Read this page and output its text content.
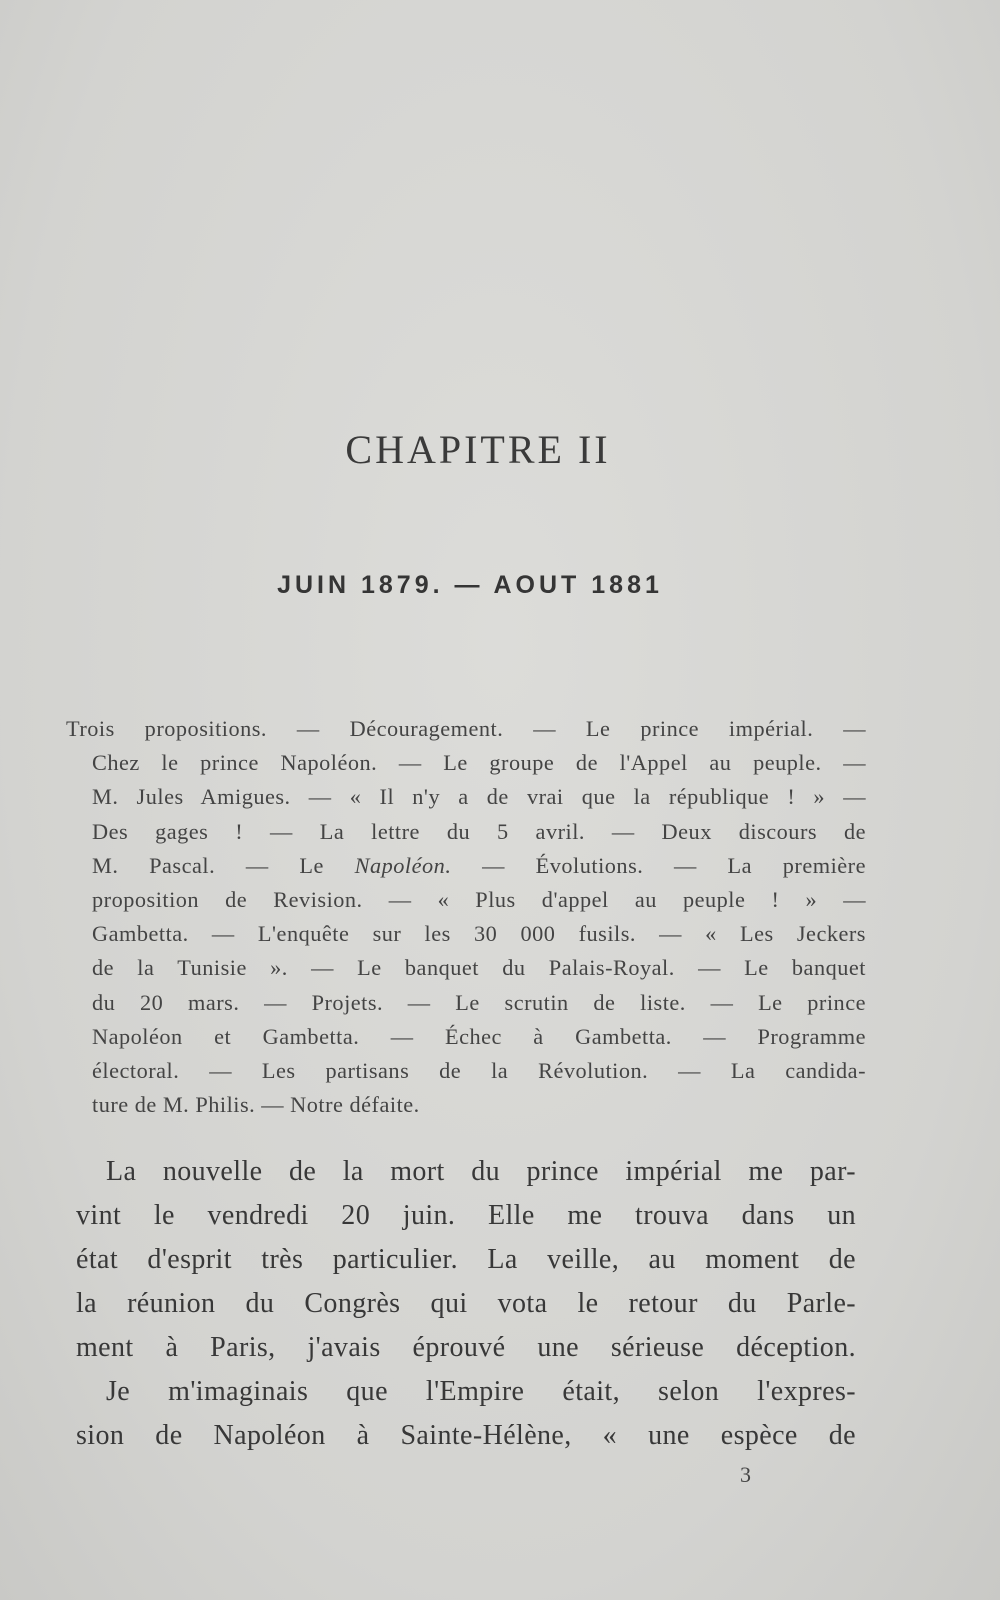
CHAPITRE II
JUIN 1879. — AOUT 1881
Trois propositions. — Découragement. — Le prince impérial. —
Chez le prince Napoléon. — Le groupe de l'Appel au peuple. —
M. Jules Amigues. — « Il n'y a de vrai que la république ! » —
Des gages ! — La lettre du 5 avril. — Deux discours de
M. Pascal. — Le Napoléon. — Évolutions. — La première
proposition de Revision. — « Plus d'appel au peuple ! » —
Gambetta. — L'enquête sur les 30 000 fusils. — « Les Jeckers
de la Tunisie ». — Le banquet du Palais-Royal. — Le banquet
du 20 mars. — Projets. — Le scrutin de liste. — Le prince
Napoléon et Gambetta. — Échec à Gambetta. — Programme
électoral. — Les partisans de la Révolution. — La candida-
ture de M. Philis. — Notre défaite.
La nouvelle de la mort du prince impérial me par-
vint le vendredi 20 juin. Elle me trouva dans un
état d'esprit très particulier. La veille, au moment de
la réunion du Congrès qui vota le retour du Parle-
ment à Paris, j'avais éprouvé une sérieuse déception.
Je m'imaginais que l'Empire était, selon l'expres-
sion de Napoléon à Sainte-Hélène, « une espèce de
3
